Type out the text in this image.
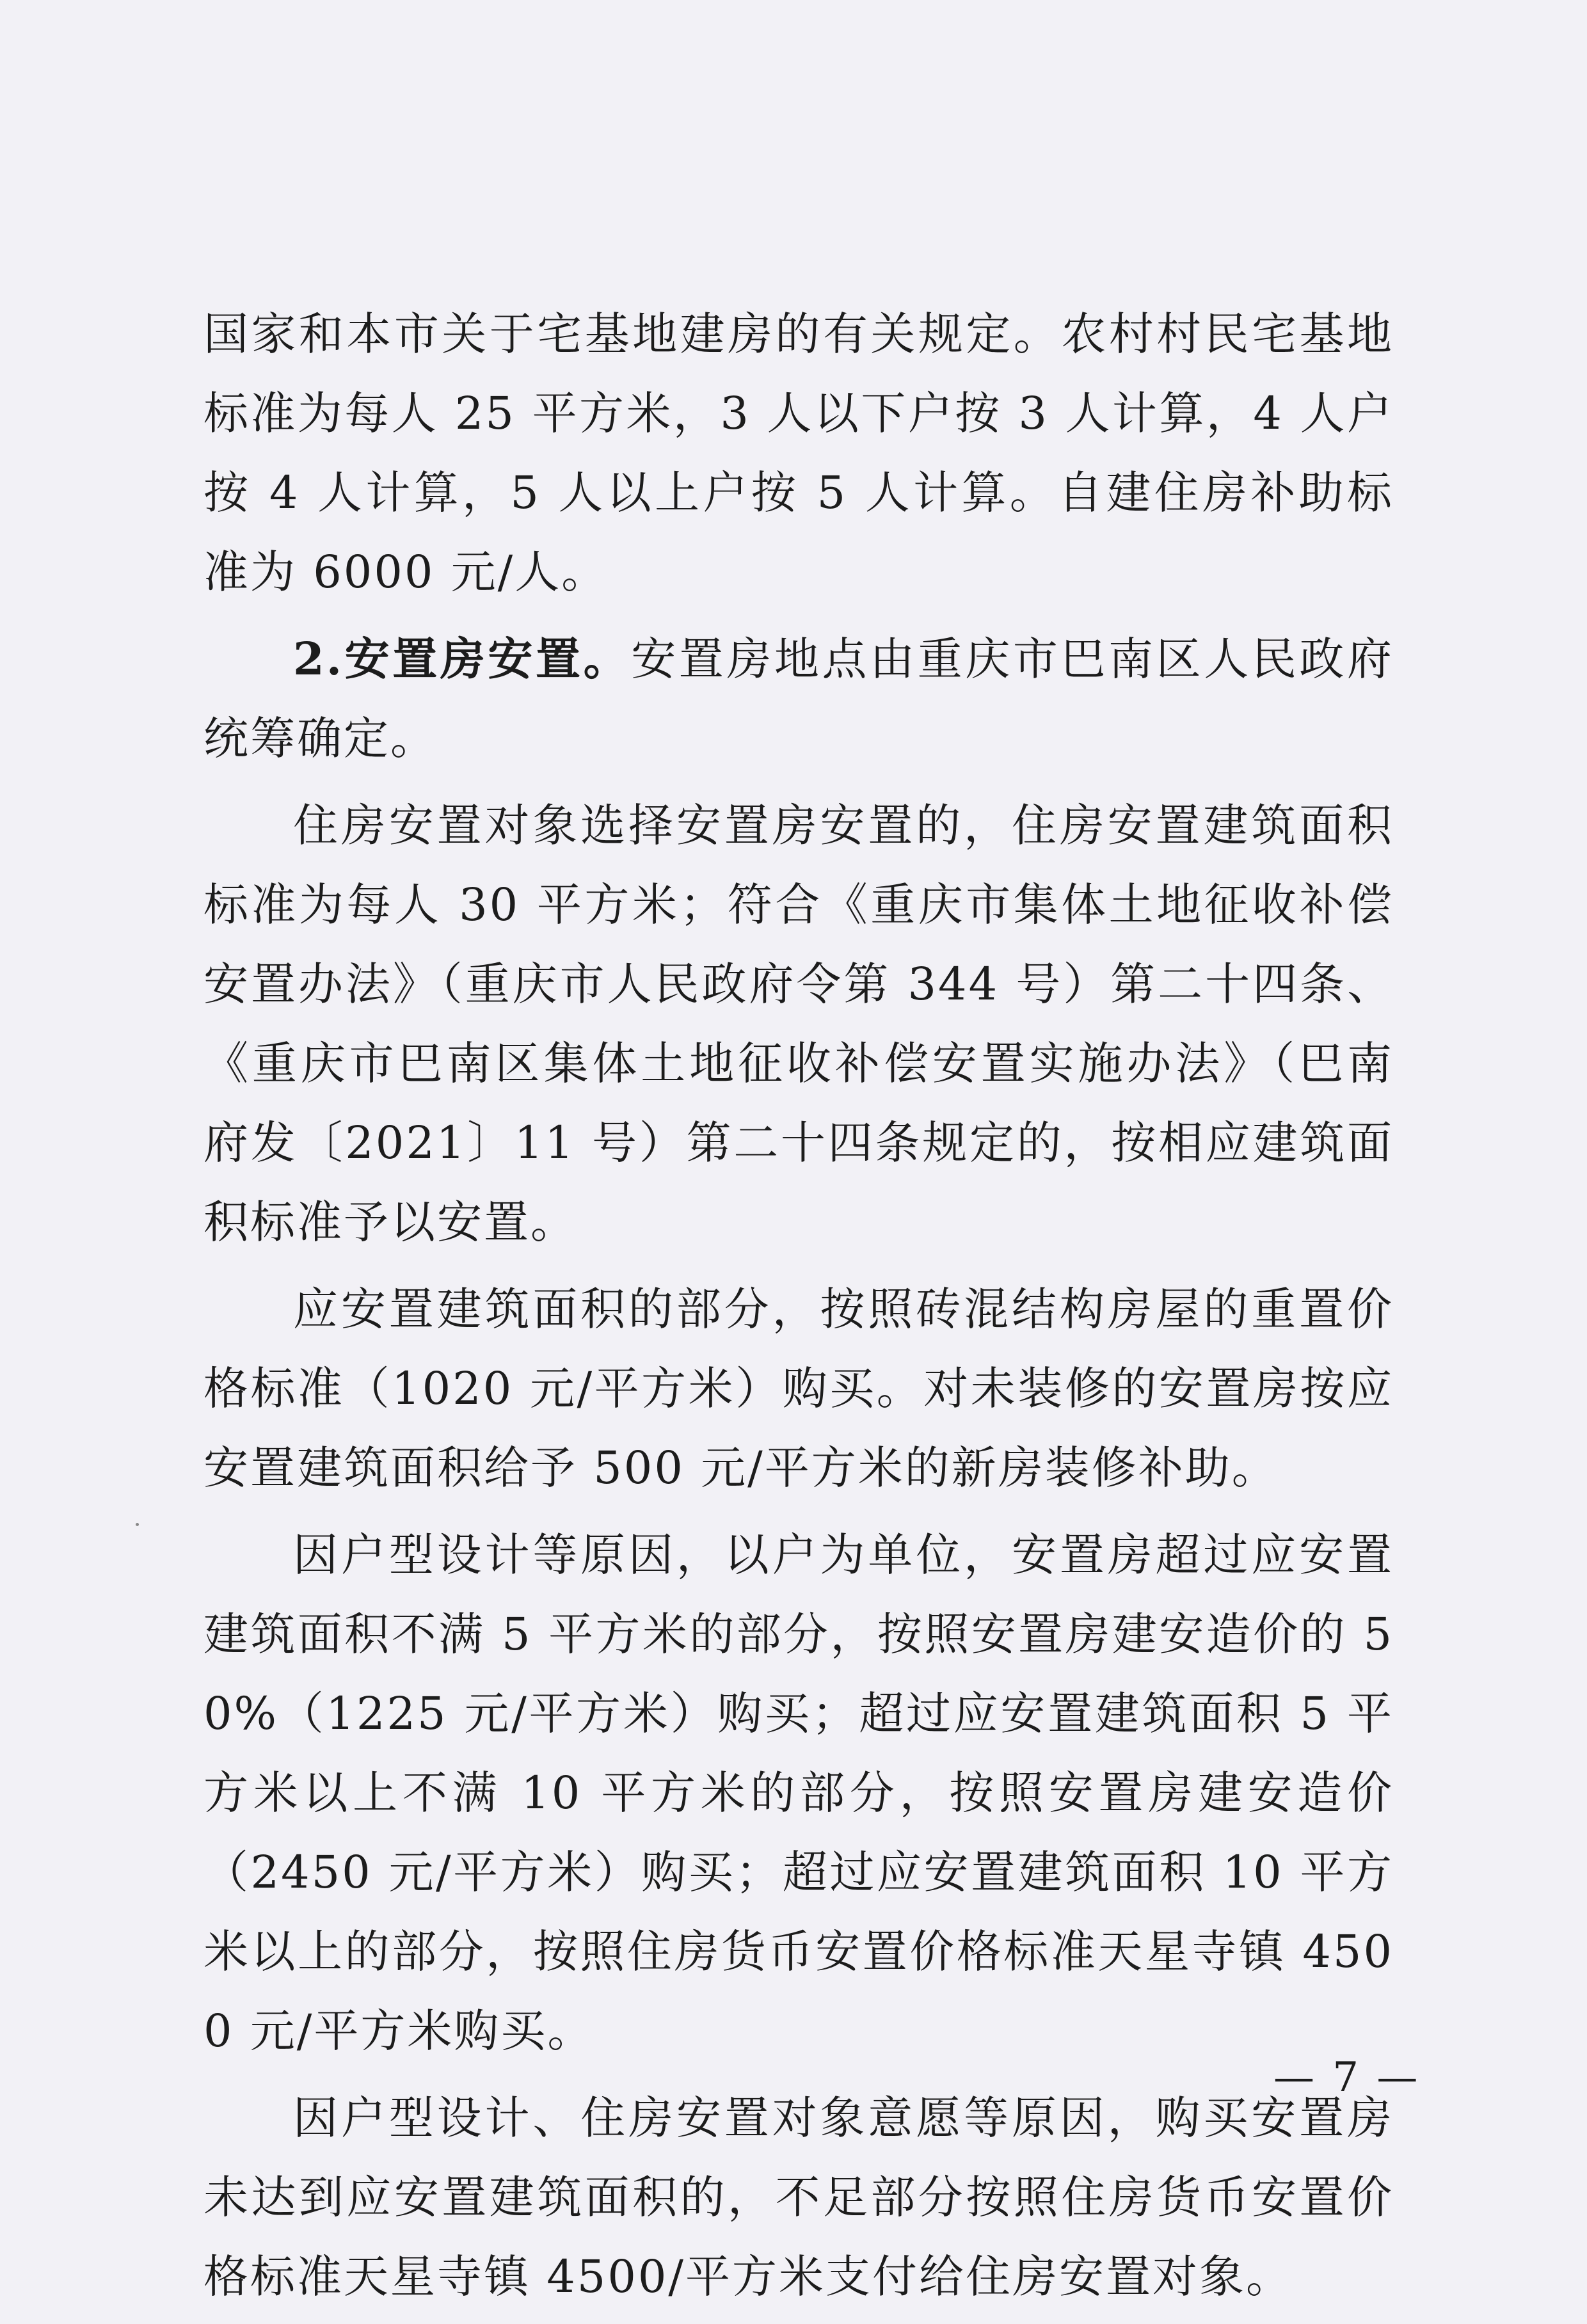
国家和本市关于宅基地建房的有关规定。农村村民宅基地标准为每人 25 平方米，3 人以下户按 3 人计算，4 人户按 4 人计算，5 人以上户按 5 人计算。自建住房补助标准为 6000 元/人。

2.安置房安置。安置房地点由重庆市巴南区人民政府统筹确定。

住房安置对象选择安置房安置的，住房安置建筑面积标准为每人 30 平方米；符合《重庆市集体土地征收补偿安置办法》（重庆市人民政府令第 344 号）第二十四条、《重庆市巴南区集体土地征收补偿安置实施办法》（巴南府发〔2021〕11 号）第二十四条规定的，按相应建筑面积标准予以安置。

应安置建筑面积的部分，按照砖混结构房屋的重置价格标准（1020 元/平方米）购买。对未装修的安置房按应安置建筑面积给予 500 元/平方米的新房装修补助。

因户型设计等原因，以户为单位，安置房超过应安置建筑面积不满 5 平方米的部分，按照安置房建安造价的 50%（1225 元/平方米）购买；超过应安置建筑面积 5 平方米以上不满 10 平方米的部分，按照安置房建安造价（2450 元/平方米）购买；超过应安置建筑面积 10 平方米以上的部分，按照住房货币安置价格标准天星寺镇 4500 元/平方米购买。

因户型设计、住房安置对象意愿等原因，购买安置房未达到应安置建筑面积的，不足部分按照住房货币安置价格标准天星寺镇 4500/平方米支付给住房安置对象。

— 7 —
